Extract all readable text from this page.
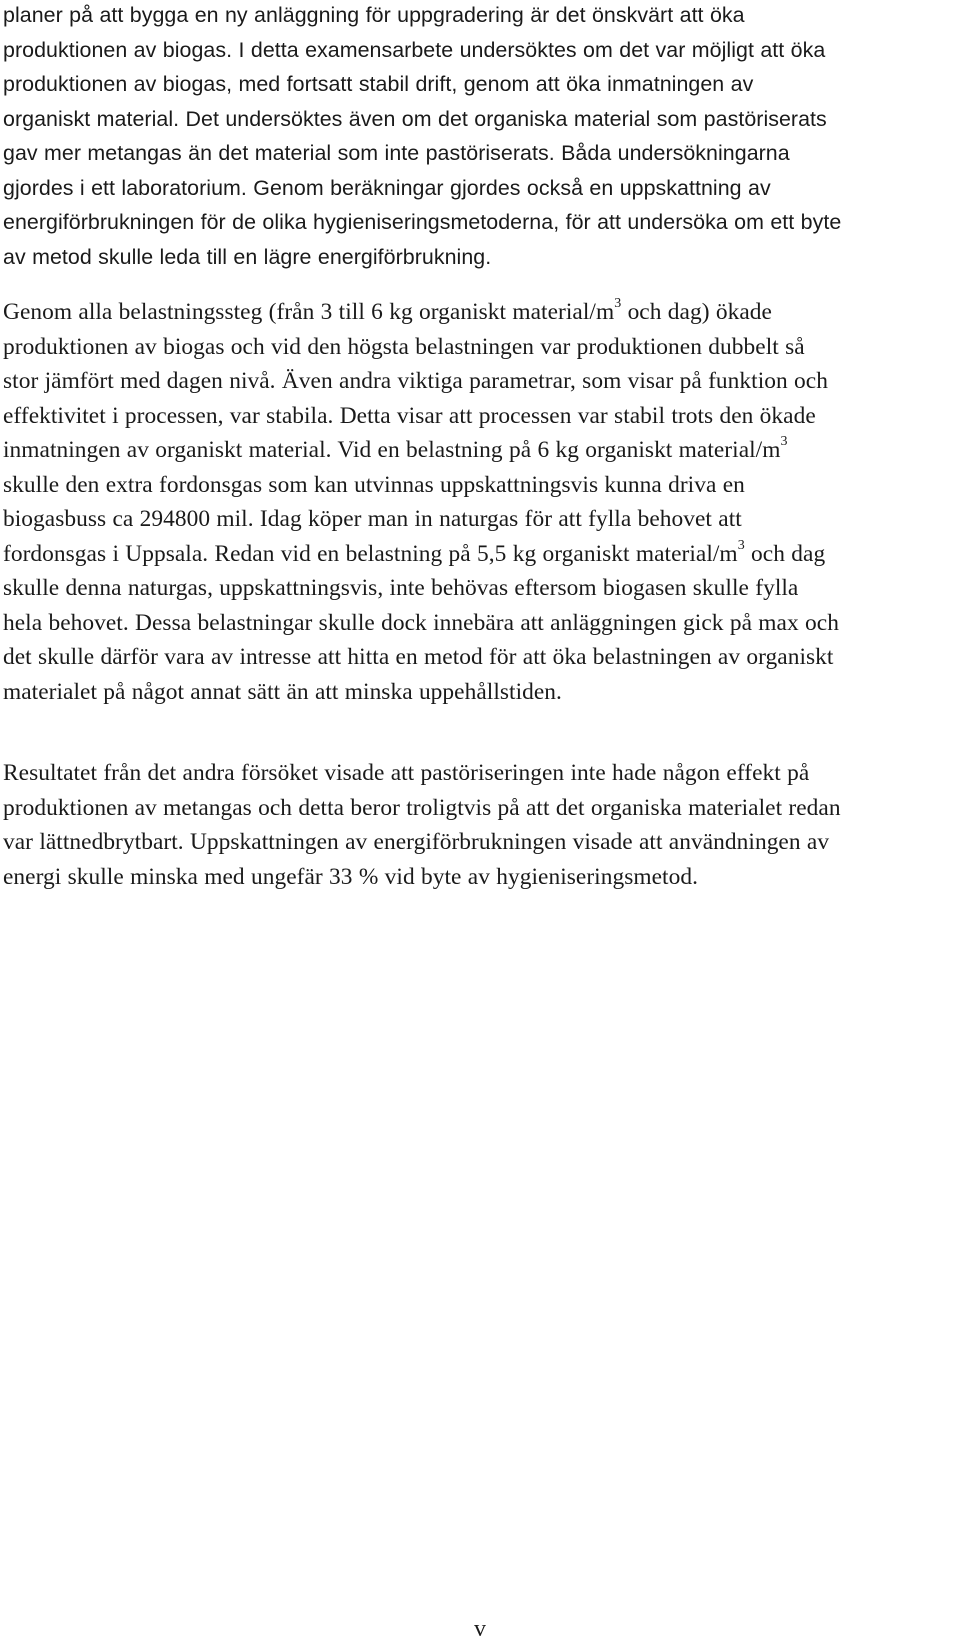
planer på att bygga en ny anläggning för uppgradering är det önskvärt att öka
produktionen av biogas. I detta examensarbete undersöktes om det var möjligt att öka
produktionen av biogas, med fortsatt stabil drift, genom att öka inmatningen av
organiskt material. Det undersöktes även om det organiska material som pastöriserats
gav mer metangas än det material som inte pastöriserats. Båda undersökningarna
gjordes i ett laboratorium. Genom beräkningar gjordes också en uppskattning av
energiförbrukningen för de olika hygieniseringsmetoderna, för att undersöka om ett byte
av metod skulle leda till en lägre energiförbrukning.

Genom alla belastningssteg (från 3 till 6 kg organiskt material/$m^3$ och dag) ökade
produktionen av biogas och vid den högsta belastningen var produktionen dubbelt så
stor jämfört med dagen nivå. Även andra viktiga parametrar, som visar på funktion och
effektivitet i processen, var stabila. Detta visar att processen var stabil trots den ökade
inmatningen av organiskt material. Vid en belastning på 6 kg organiskt material/$m^3$
skulle den extra fordonsgas som kan utvinnas uppskattningsvis kunna driva en
biogasbuss ca 294800 mil. Idag köper man in naturgas för att fylla behovet att
fordonsgas i Uppsala. Redan vid en belastning på 5,5 kg organiskt material/$m^3$ och dag
skulle denna naturgas, uppskattningsvis, inte behövas eftersom biogasen skulle fylla
hela behovet. Dessa belastningar skulle dock innebära att anläggningen gick på max och
det skulle därför vara av intresse att hitta en metod för att öka belastningen av organiskt
materialet på något annat sätt än att minska uppehållstiden.

Resultatet från det andra försöket visade att pastöriseringen inte hade någon effekt på
produktionen av metangas och detta beror troligtvis på att det organiska materialet redan
var lättnedbrytbart. Uppskattningen av energiförbrukningen visade att användningen av
energi skulle minska med ungefär 33 % vid byte av hygieniseringsmetod.

v
